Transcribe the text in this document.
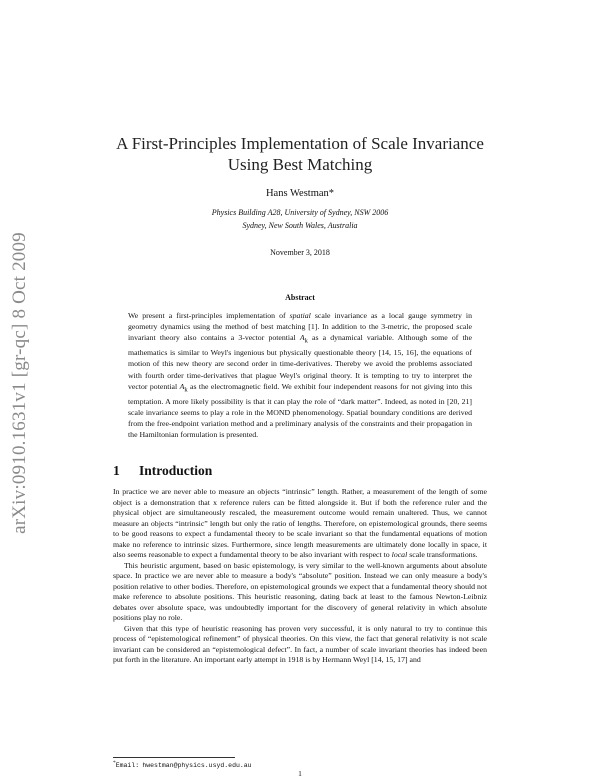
arXiv:0910.1631v1 [gr-qc] 8 Oct 2009
A First-Principles Implementation of Scale Invariance
Using Best Matching
Hans Westman*
Physics Building A28, University of Sydney, NSW 2006
Sydney, New South Wales, Australia
November 3, 2018
Abstract
We present a first-principles implementation of spatial scale invariance as a local gauge symmetry in geometry dynamics using the method of best matching [1]. In addition to the 3-metric, the proposed scale invariant theory also contains a 3-vector potential $A_k$ as a dynamical variable. Although some of the mathematics is similar to Weyl's ingenious but physically questionable theory [14, 15, 16], the equations of motion of this new theory are second order in time-derivatives. Thereby we avoid the problems associated with fourth order time-derivatives that plague Weyl's original theory. It is tempting to try to interpret the vector potential $A_k$ as the electromagnetic field. We exhibit four independent reasons for not giving into this temptation. A more likely possibility is that it can play the role of “dark matter”. Indeed, as noted in [20, 21] scale invariance seems to play a role in the MOND phenomenology. Spatial boundary conditions are derived from the free-endpoint variation method and a preliminary analysis of the constraints and their propagation in the Hamiltonian formulation is presented.
1 Introduction

In practice we are never able to measure an objects “intrinsic” length. Rather, a measurement of the length of some object is a demonstration that x reference rulers can be fitted alongside it. But if both the reference ruler and the physical object are simultaneously rescaled, the measurement outcome would remain unaltered. Thus, we cannot measure an objects “intrinsic” length but only the ratio of lengths. Therefore, on epistemological grounds, there seems to be good reasons to expect a fundamental theory to be scale invariant so that the fundamental equations of motion make no reference to intrinsic sizes. Furthermore, since length measurements are ultimately done locally in space, it also seems reasonable to expect a fundamental theory to be also invariant with respect to local scale transformations.

This heuristic argument, based on basic epistemology, is very similar to the well-known arguments about absolute space. In practice we are never able to measure a body's “absolute” position. Instead we can only measure a body's position relative to other bodies. Therefore, on epistemological grounds we expect that a fundamental theory should not make reference to absolute positions. This heuristic reasoning, dating back at least to the famous Newton-Leibniz debates over absolute space, was undoubtedly important for the discovery of general relativity in which absolute positions play no role.

Given that this type of heuristic reasoning has proven very successful, it is only natural to try to continue this process of “epistemological refinement” of physical theories. On this view, the fact that general relativity is not scale invariant can be considered an “epistemological defect”. In fact, a number of scale invariant theories has indeed been put forth in the literature. An important early attempt in 1918 is by Hermann Weyl [14, 15, 17] and

*Email: hwestman@physics.usyd.edu.au
1
